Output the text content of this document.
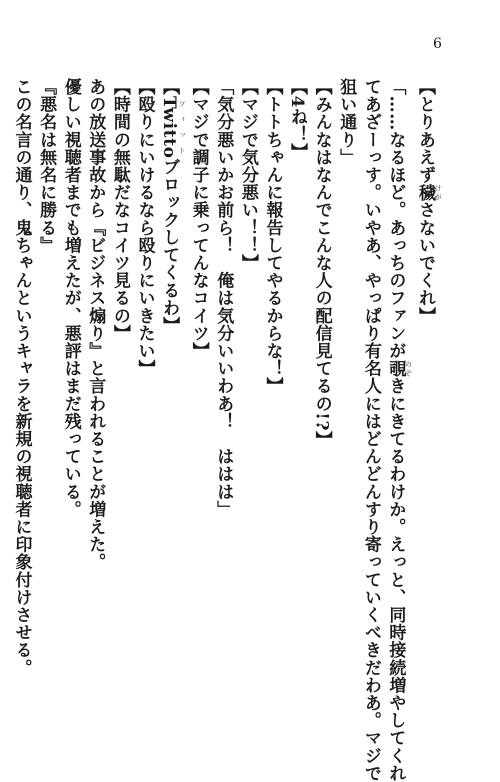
6
【とりあえず穢 けがさないでくれ】
「……なるほど。あっちのファンが覗 のぞきにきてるわけか。えっと、同時接続増やしてくれ
てあざーっす。いやあ、やっぱり有名人にはどんどんすり寄っていくべきだわあ。マジで
狙い通り」
【みんなはなんでこんな人の配信見てるの!?】
【4ね！】
【トトちゃんに報告してやるからな！】
【マジで気分悪い！！】
「気分悪いかお前ら！　俺は気分いいわあ！　ははは」
【マジで調子に乗ってんなコイツ】
【Twitto ツィットブロックしてくるわ】
【殴りにいけるなら殴りにいきたい】
【時間の無駄だなコイツ見るの】
あの放送事故から『ビジネス煽り』と言われることが増えた。
優しい視聴者までも増えたが、悪評はまだ残っている。
『悪名は無名に勝る』
この名言の通り、鬼ちゃんというキャラを新規の視聴者に印象付けさせる。
